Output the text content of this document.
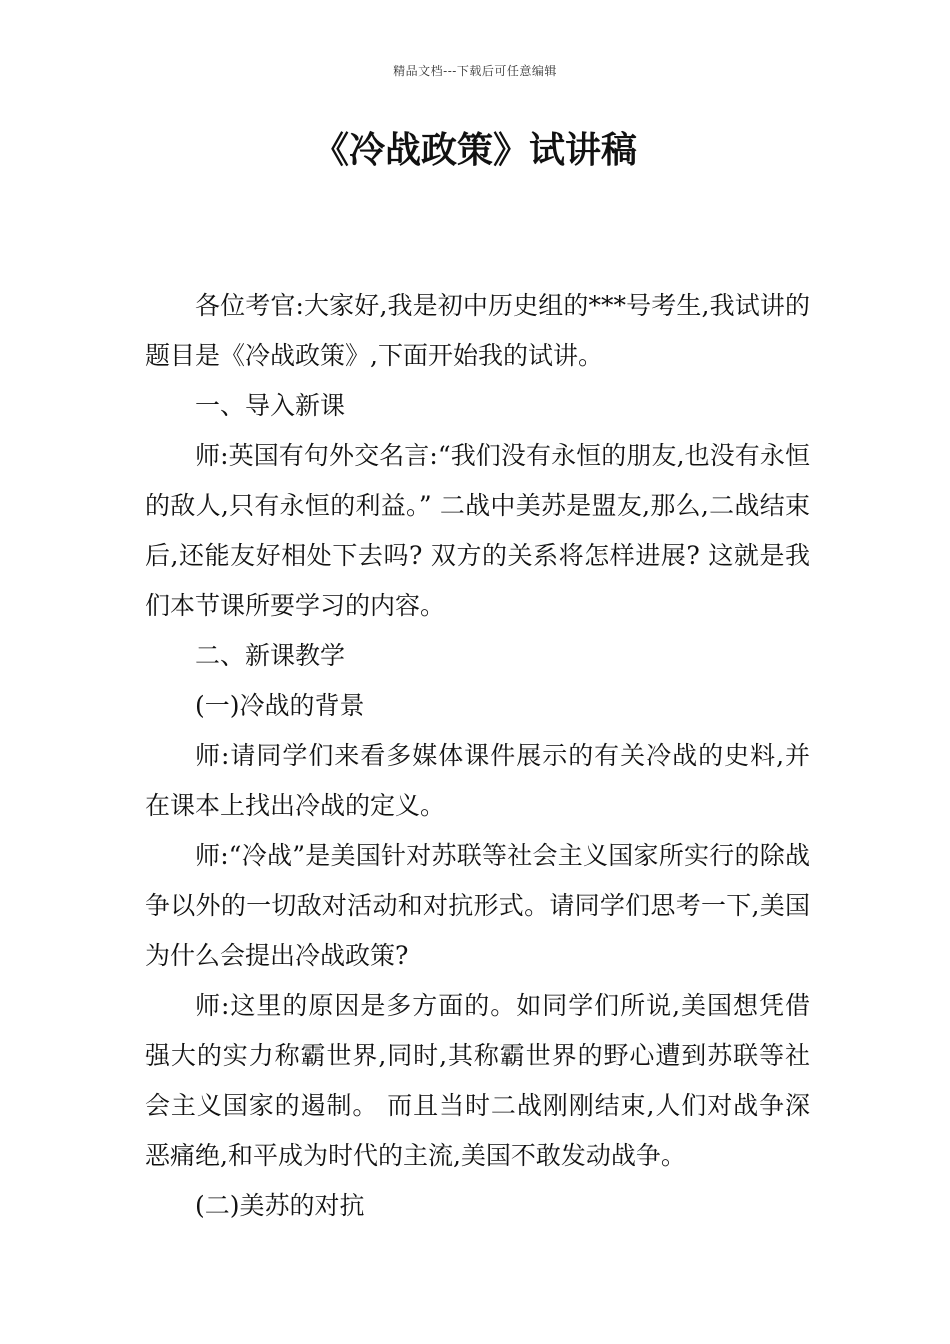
精品文档---下载后可任意编辑
《冷战政策》试讲稿

各位考官:大家好,我是初中历史组的***号考生,我试讲的题目是《冷战政策》,下面开始我的试讲。

一、导入新课

师:英国有句外交名言:“我们没有永恒的朋友,也没有永恒的敌人,只有永恒的利益。” 二战中美苏是盟友,那么,二战结束后,还能友好相处下去吗? 双方的关系将怎样进展? 这就是我们本节课所要学习的内容。

二、新课教学

(一)冷战的背景

师:请同学们来看多媒体课件展示的有关冷战的史料,并在课本上找出冷战的定义。

师:“冷战”是美国针对苏联等社会主义国家所实行的除战争以外的一切敌对活动和对抗形式。请同学们思考一下,美国为什么会提出冷战政策?

师:这里的原因是多方面的。如同学们所说,美国想凭借强大的实力称霸世界,同时,其称霸世界的野心遭到苏联等社会主义国家的遏制。 而且当时二战刚刚结束,人们对战争深恶痛绝,和平成为时代的主流,美国不敢发动战争。

(二)美苏的对抗
